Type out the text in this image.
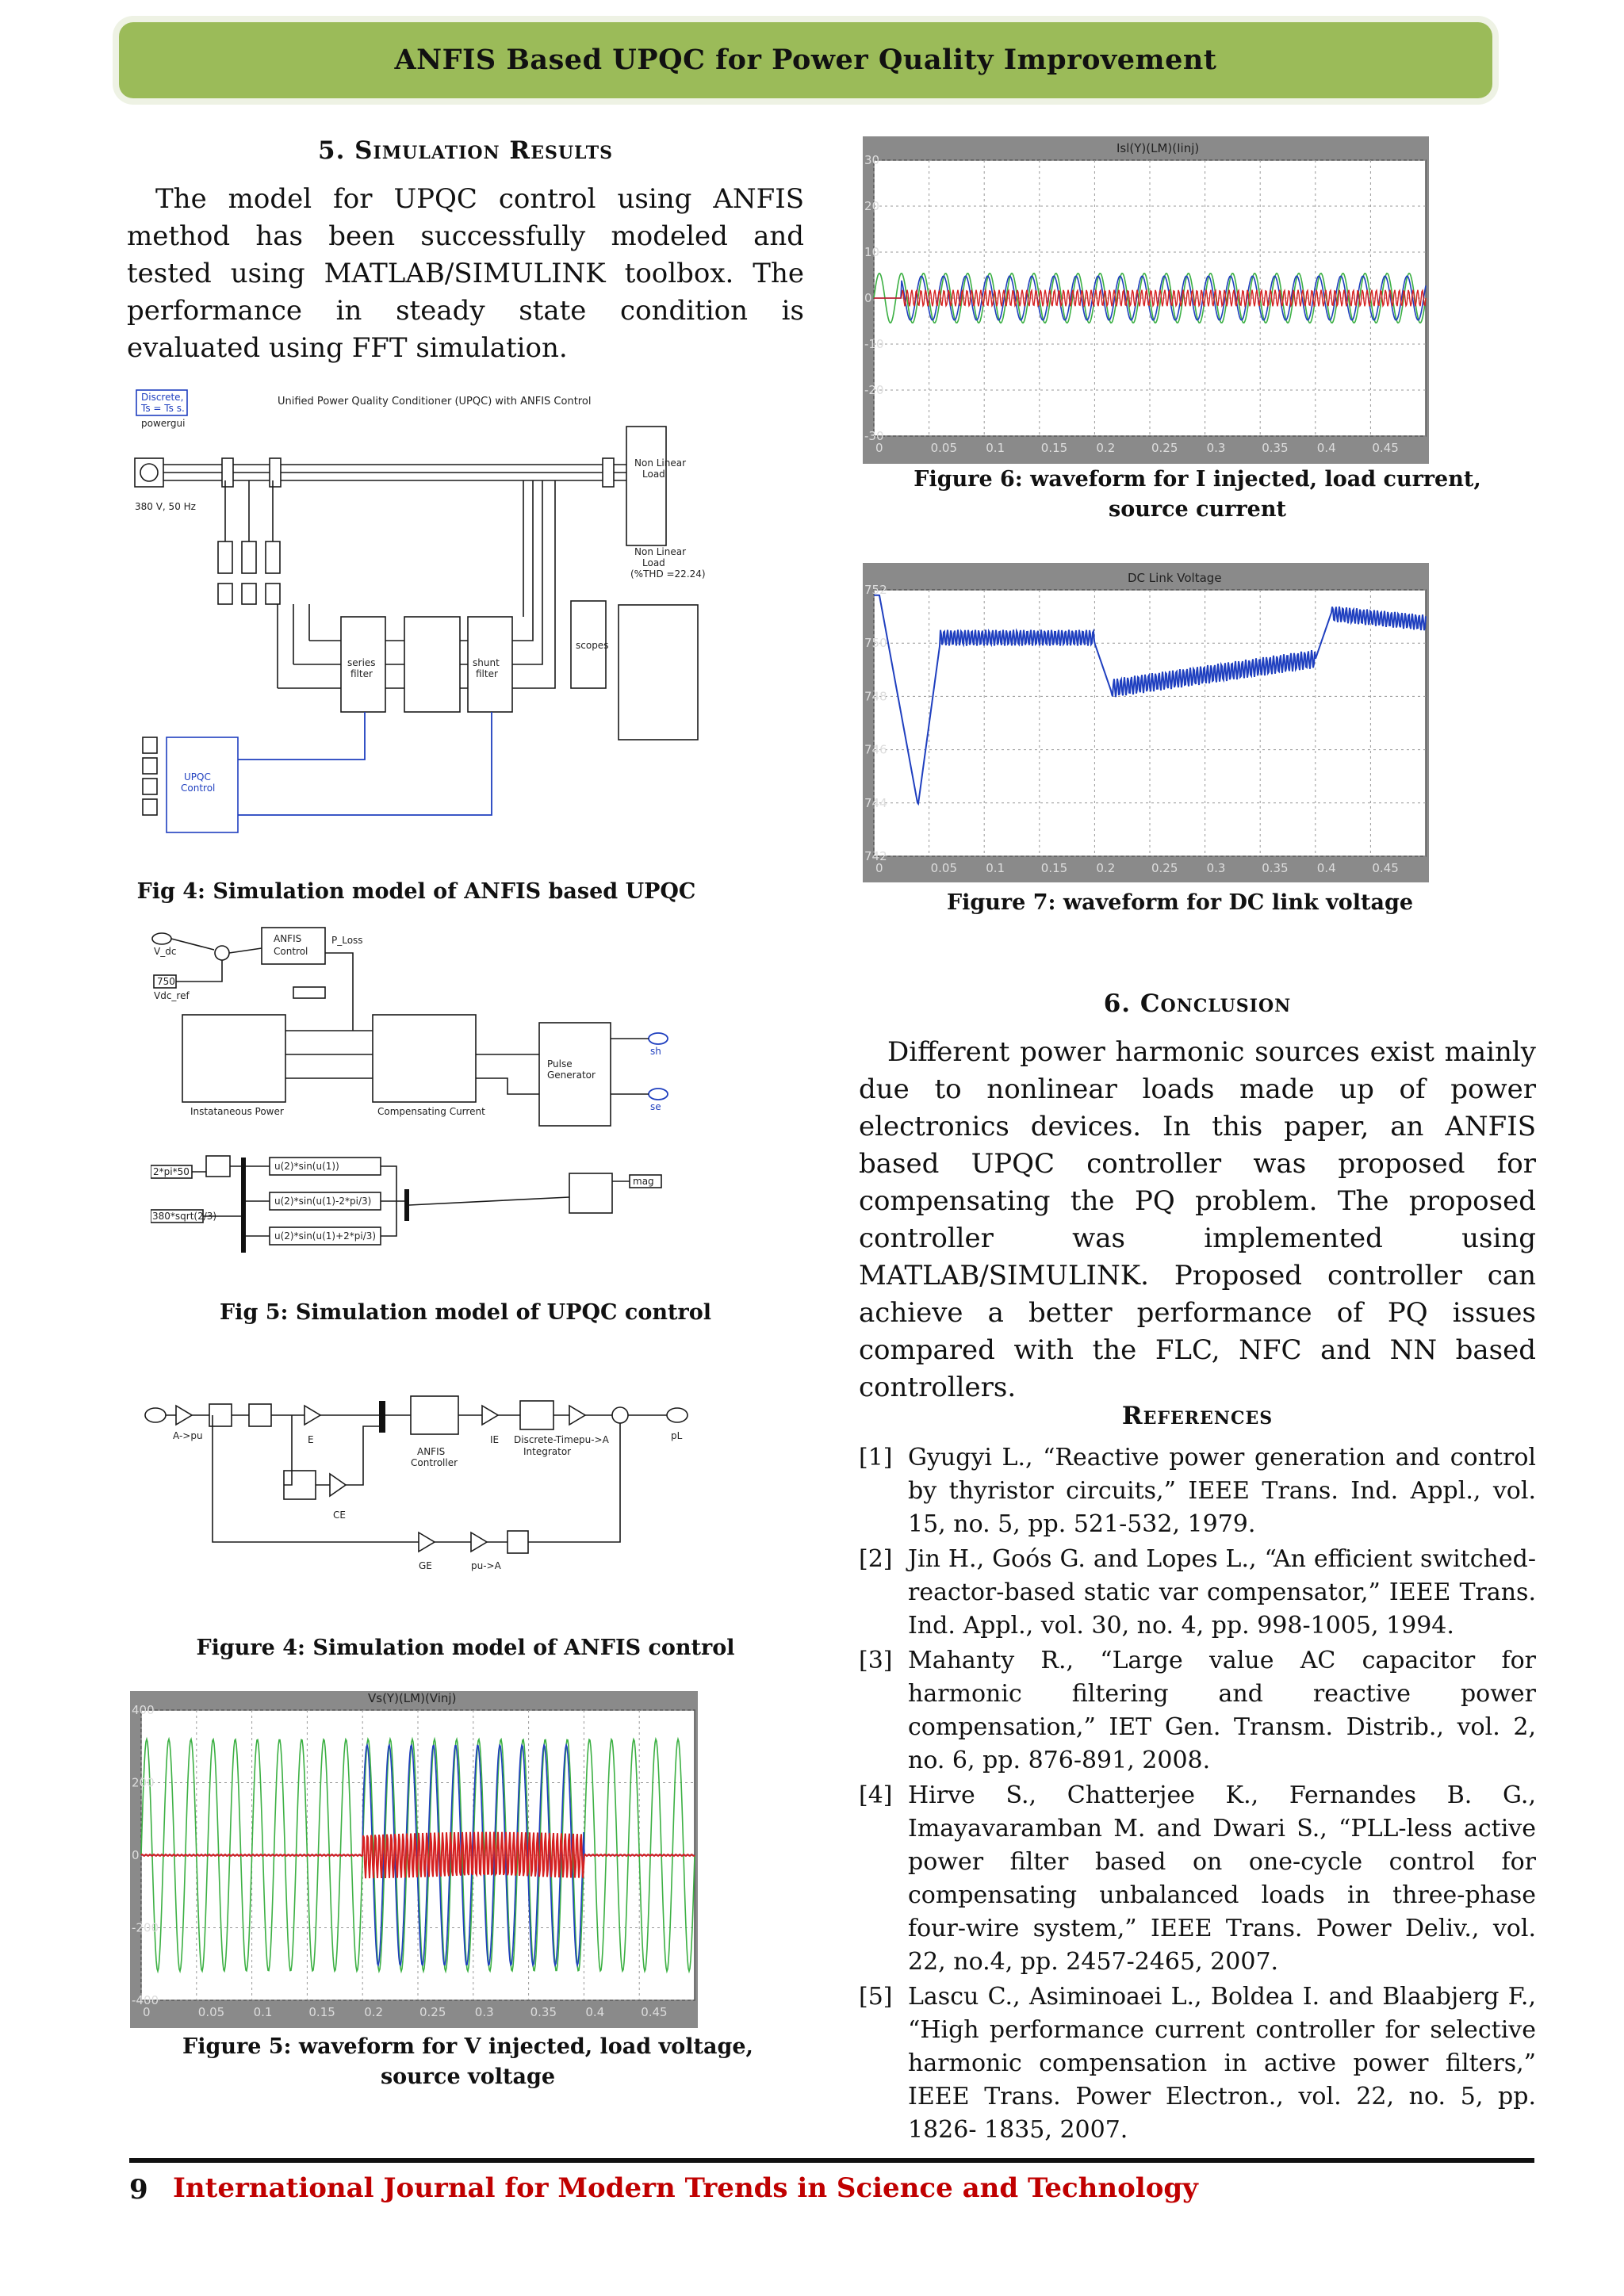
ANFIS Based UPQC for Power Quality Improvement
5. Simulation Results
The model for UPQC control using ANFIS method has been successfully modeled and tested using MATLAB/SIMULINK toolbox. The performance in steady state condition is evaluated using FFT simulation.
Discrete,
Ts = Ts s.
powergui
Unified Power Quality Conditioner (UPQC) with ANFIS Control
380 V, 50 Hz
Non Linear
Load
Non Linear
Load
(%THD =22.24)
series
filter
shunt
filter
scopes
UPQC
Control
Fig 4: Simulation model of ANFIS based UPQC
V_dc
750
Vdc_ref
ANFIS
Control
P_Loss
Instataneous Power	Compensating Current
Pulse
Generator
sh
se
2*pi*50
380*sqrt(2/3)
u(2)*sin(u(1))
u(2)*sin(u(1)-2*pi/3)
u(2)*sin(u(1)+2*pi/3)
mag
Fig 5: Simulation model of UPQC control
A->pu	E
ANFIS
Controller
IE Discrete-Time
Integrator
pu->A	pL
CE
GE	pu->A
Figure 4: Simulation model of ANFIS control
Vs(Y)(LM)(Vinj)
400
200
0
-200
-400
0	0.05 0.1	0.15 0.2	0.25 0.3	0.35 0.4	0.45
Figure 5: waveform for V injected, load voltage, source voltage
Isl(Y)(LM)(Iinj)
30
20
10
0
-10
-20
-30
0	0.05 0.1	0.15 0.2	0.25 0.3	0.35 0.4	0.45
Figure 6: waveform for I injected, load current, source current
DC Link Voltage
752
750
748
746
744
742
0	0.05 0.1	0.15 0.2	0.25 0.3	0.35 0.4	0.45
Figure 7: waveform for DC link voltage
6. Conclusion
Different power harmonic sources exist mainly due to nonlinear loads made up of power electronics devices. In this paper, an ANFIS based UPQC controller was proposed for compensating the PQ problem. The proposed controller was implemented using MATLAB/SIMULINK. Proposed controller can achieve a better performance of PQ issues compared with the FLC, NFC and NN based controllers.
References
[1] Gyugyi L., “Reactive power generation and control by thyristor circuits,” IEEE Trans. Ind. Appl., vol. 15, no. 5, pp. 521-532, 1979.
[2] Jin H., Goós G. and Lopes L., “An efficient switched-reactor-based static var compensator,” IEEE Trans. Ind. Appl., vol. 30, no. 4, pp. 998-1005, 1994.
[3] Mahanty R., “Large value AC capacitor for harmonic filtering and reactive power compensation,” IET Gen. Transm. Distrib., vol. 2, no. 6, pp. 876-891, 2008.
[4] Hirve S., Chatterjee K., Fernandes B. G., Imayavaramban M. and Dwari S., “PLL-less active power filter based on one-cycle control for compensating unbalanced loads in three-phase four-wire system,” IEEE Trans. Power Deliv., vol. 22, no.4, pp. 2457-2465, 2007.
[5] Lascu C., Asiminoaei L., Boldea I. and Blaabjerg F., “High performance current controller for selective harmonic compensation in active power filters,” IEEE Trans. Power Electron., vol. 22, no. 5, pp. 1826- 1835, 2007.
9 International Journal for Modern Trends in Science and Technology
